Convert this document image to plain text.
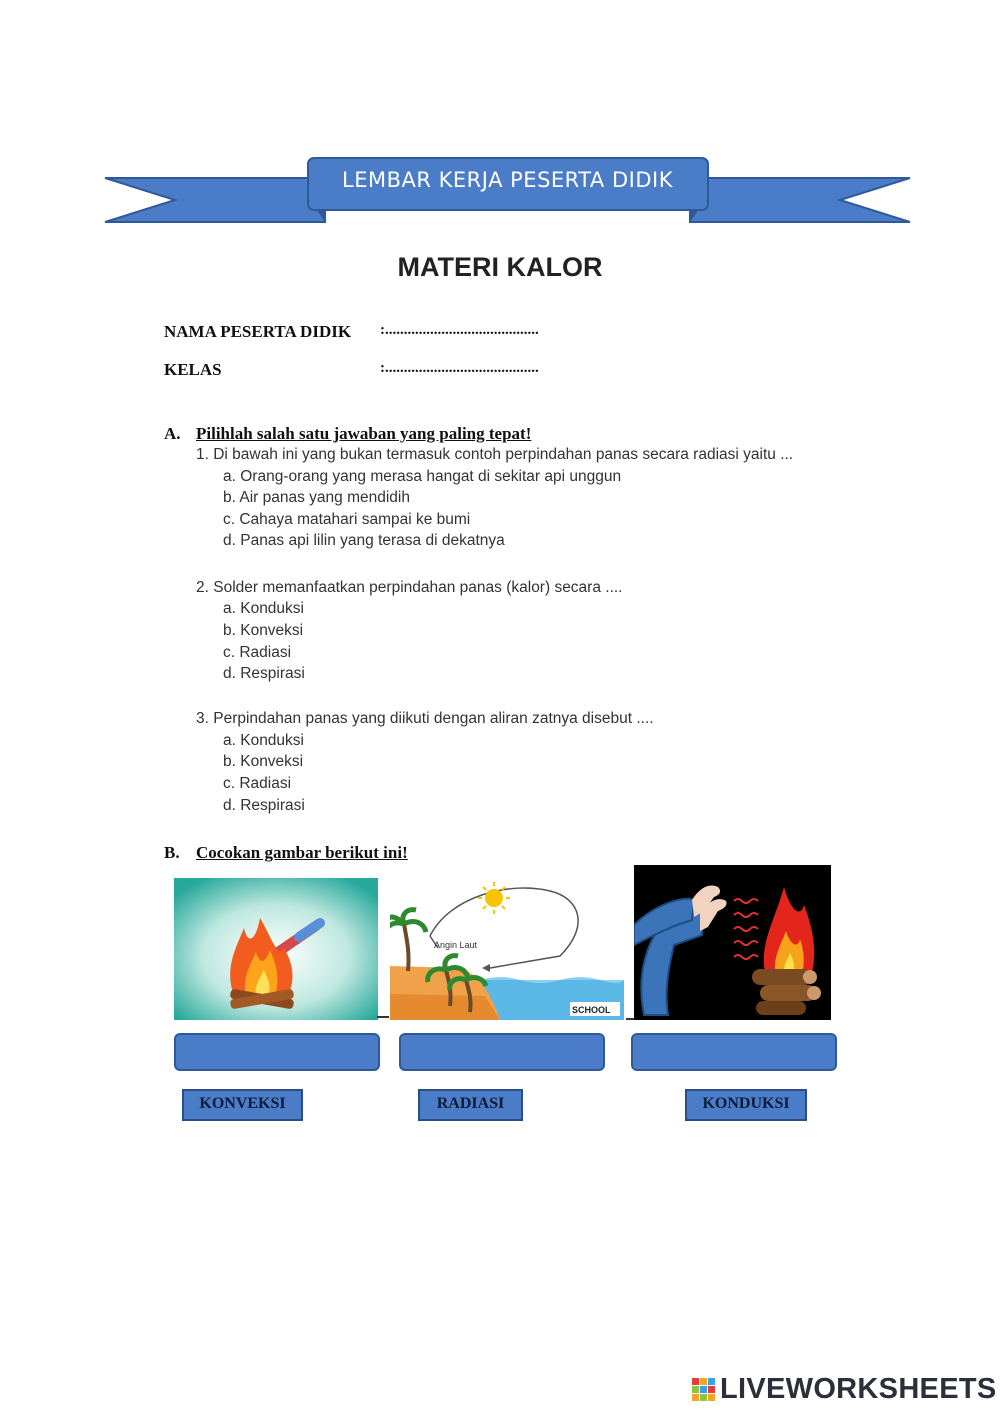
LEMBAR KERJA PESERTA DIDIK
MATERI KALOR
NAMA PESERTA DIDIK :.........................................
KELAS	:.........................................
A. Pilihlah salah satu jawaban yang paling tepat!
1. Di bawah ini yang bukan termasuk contoh perpindahan panas secara radiasi yaitu ...
a. Orang-orang yang merasa hangat di sekitar api unggun
b. Air panas yang mendidih
c. Cahaya matahari sampai ke bumi
d. Panas api lilin yang terasa di dekatnya
2. Solder memanfaatkan perpindahan panas (kalor) secara ....
a. Konduksi
b. Konveksi
c. Radiasi
d. Respirasi
3. Perpindahan panas yang diikuti dengan aliran zatnya disebut ....
a. Konduksi
b. Konveksi
c. Radiasi
d. Respirasi
B. Cocokan gambar berikut ini!
Angin Laut
SCHOOL
KONVEKSI	RADIASI	KONDUKSI
LIVEWORKSHEETS
